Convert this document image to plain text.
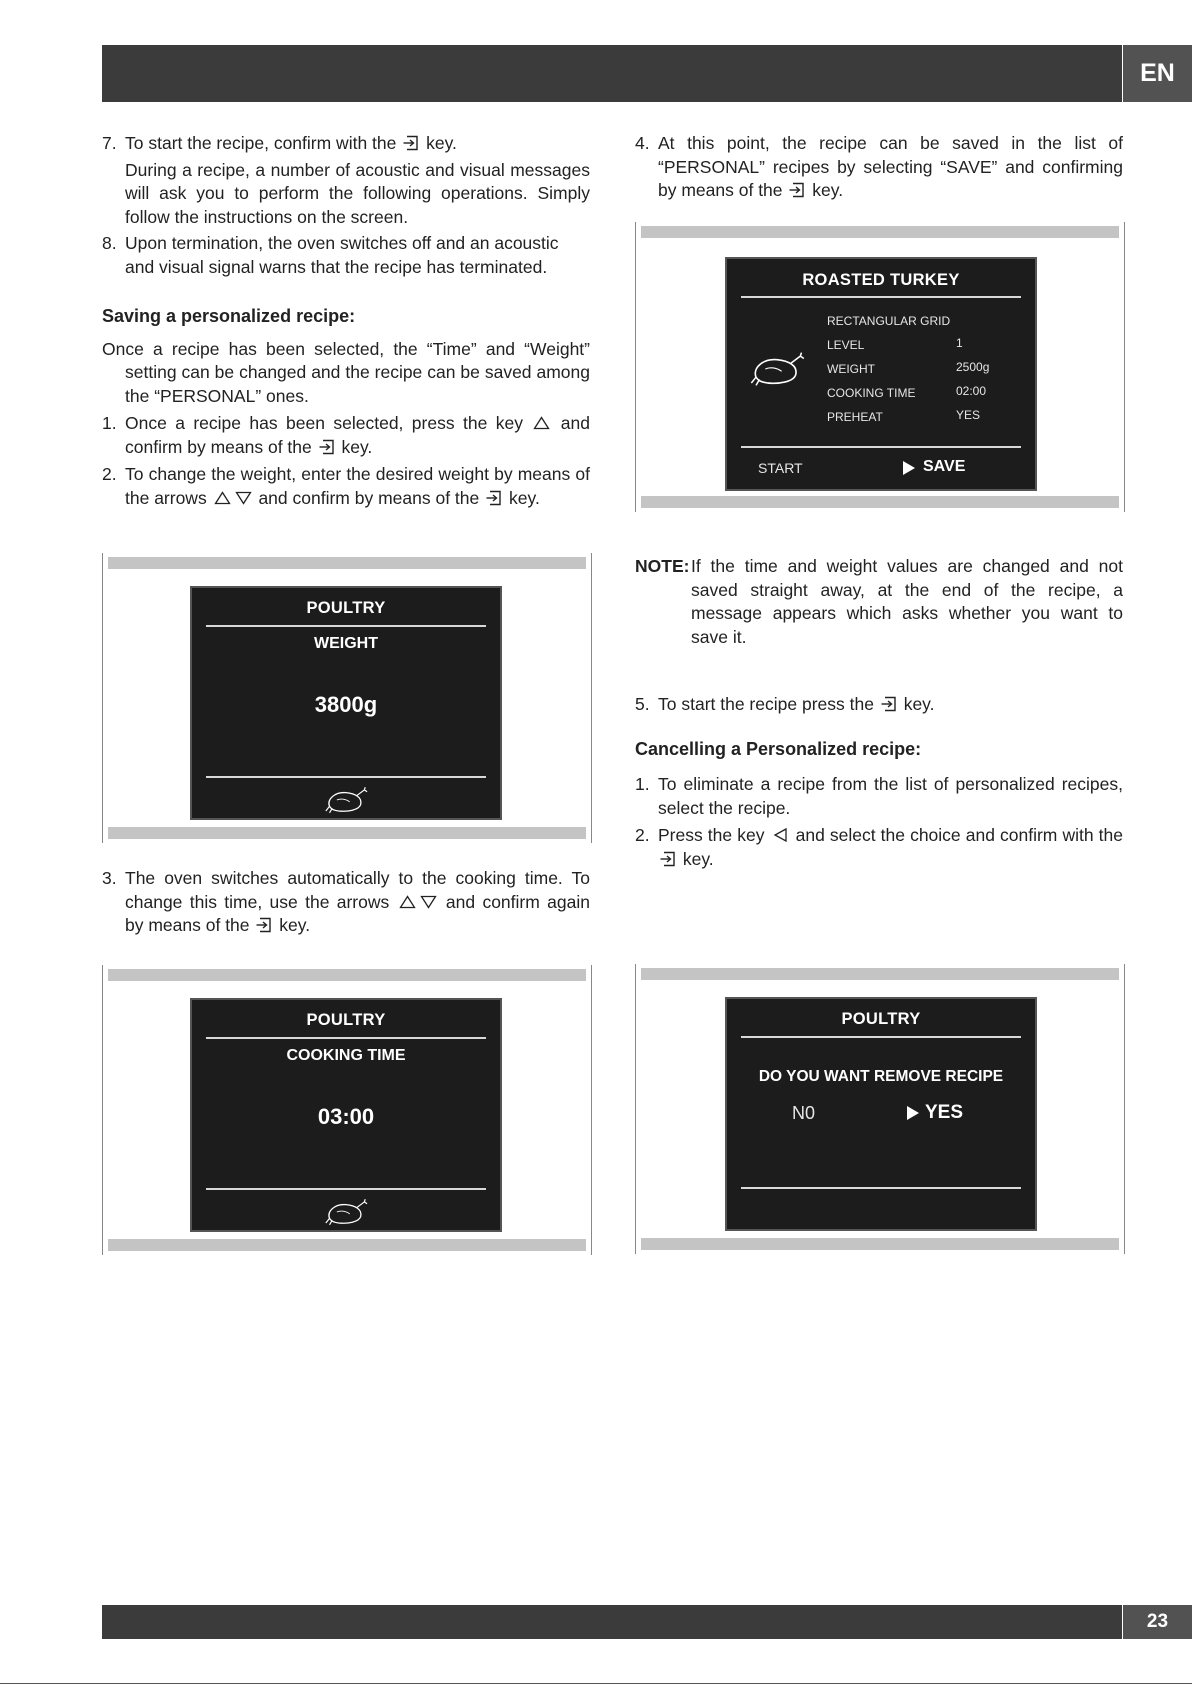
EN
23

7. To start the recipe, confirm with the key.

During a recipe, a number of acoustic and visual messages will ask you to perform the following operations. Simply follow the instructions on the screen.

8. Upon termination, the oven switches off and an acoustic and visual signal warns that the recipe has terminated.

Saving a personalized recipe:

Once a recipe has been selected, the “Time” and “Weight” setting can be changed and the recipe can be saved among the “PERSONAL” ones.

1. Once a recipe has been selected, press the key and confirm by means of the key.

2. To change the weight, enter the desired weight by means of the arrows	and confirm by means of the key.

POULTRY
WEIGHT
3800g

3. The oven switches automatically to the cooking time. To change this time, use the arrows	and confirm again by means of the key.

POULTRY
COOKING TIME
03:00

4. At this point, the recipe can be saved in the list of “PERSONAL” recipes by selecting “SAVE” and confirming by means of the key.

ROASTED TURKEY
RECTANGULAR GRID
LEVEL	1
WEIGHT	2500g
COOKING TIME	02:00
PREHEAT	YES
START	SAVE

NOTE: If the time and weight values are changed and not saved straight away, at the end of the recipe, a message appears which asks whether you want to save it.

5. To start the recipe press the key.

Cancelling a Personalized recipe:

1. To eliminate a recipe from the list of personalized recipes, select the recipe.

2. Press the key and select the choice and confirm with the
key.

POULTRY
DO YOU WANT REMOVE RECIPE
N0	YES
